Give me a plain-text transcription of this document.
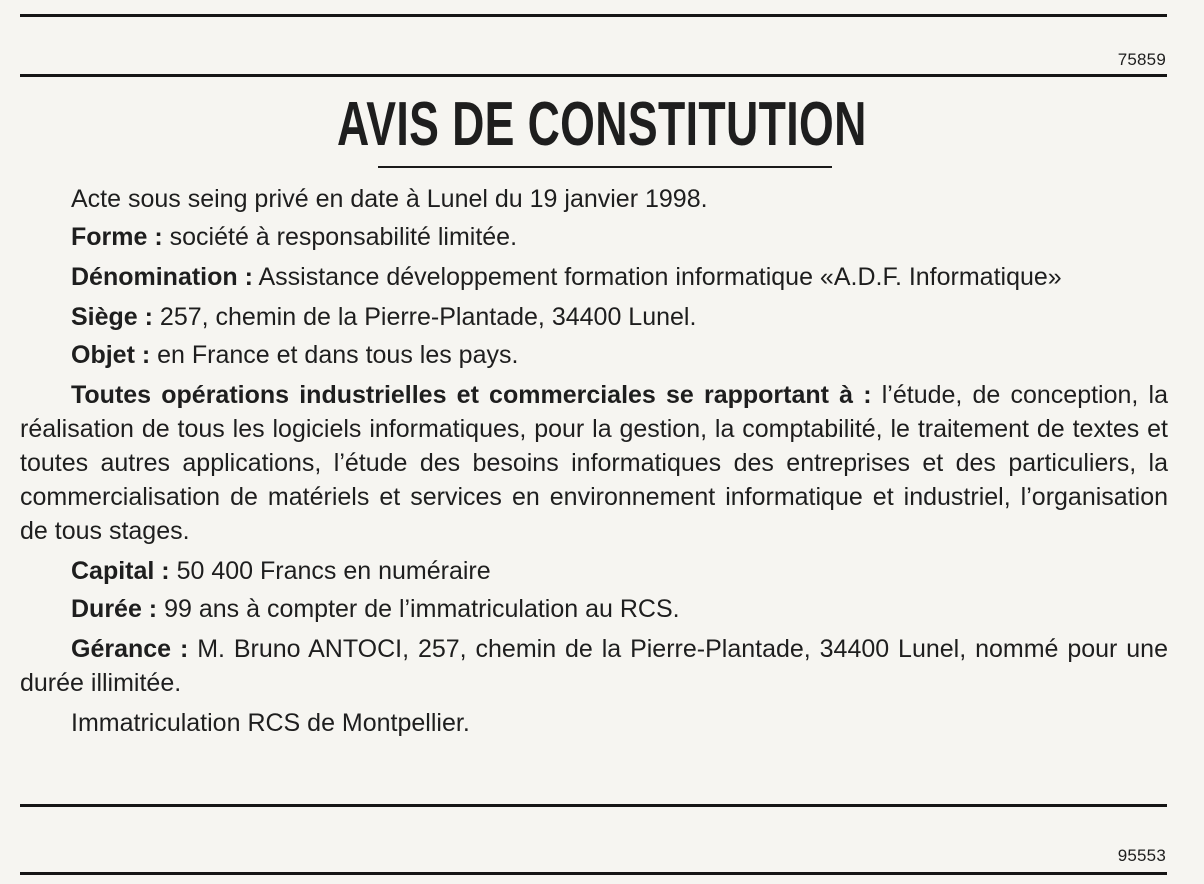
75859
AVIS DE CONSTITUTION

Acte sous seing privé en date à Lunel du 19 janvier 1998.

Forme : société à responsabilité limitée.

Dénomination : Assistance développement formation informatique «A.D.F. Informatique»

Siège : 257, chemin de la Pierre-Plantade, 34400 Lunel.

Objet : en France et dans tous les pays.

Toutes opérations industrielles et commerciales se rapportant à : l’étude, de conception, la réalisation de tous les logiciels informatiques, pour la gestion, la comptabilité, le traitement de textes et toutes autres applications, l’étude des besoins informatiques des entreprises et des particuliers, la commercialisation de matériels et services en environnement informatique et industriel, l’organisation de tous stages.

Capital : 50 400 Francs en numéraire

Durée : 99 ans à compter de l’immatriculation au RCS.

Gérance : M. Bruno ANTOCI, 257, chemin de la Pierre-Plantade, 34400 Lunel, nommé pour une durée illimitée.

Immatriculation RCS de Montpellier.

95553
